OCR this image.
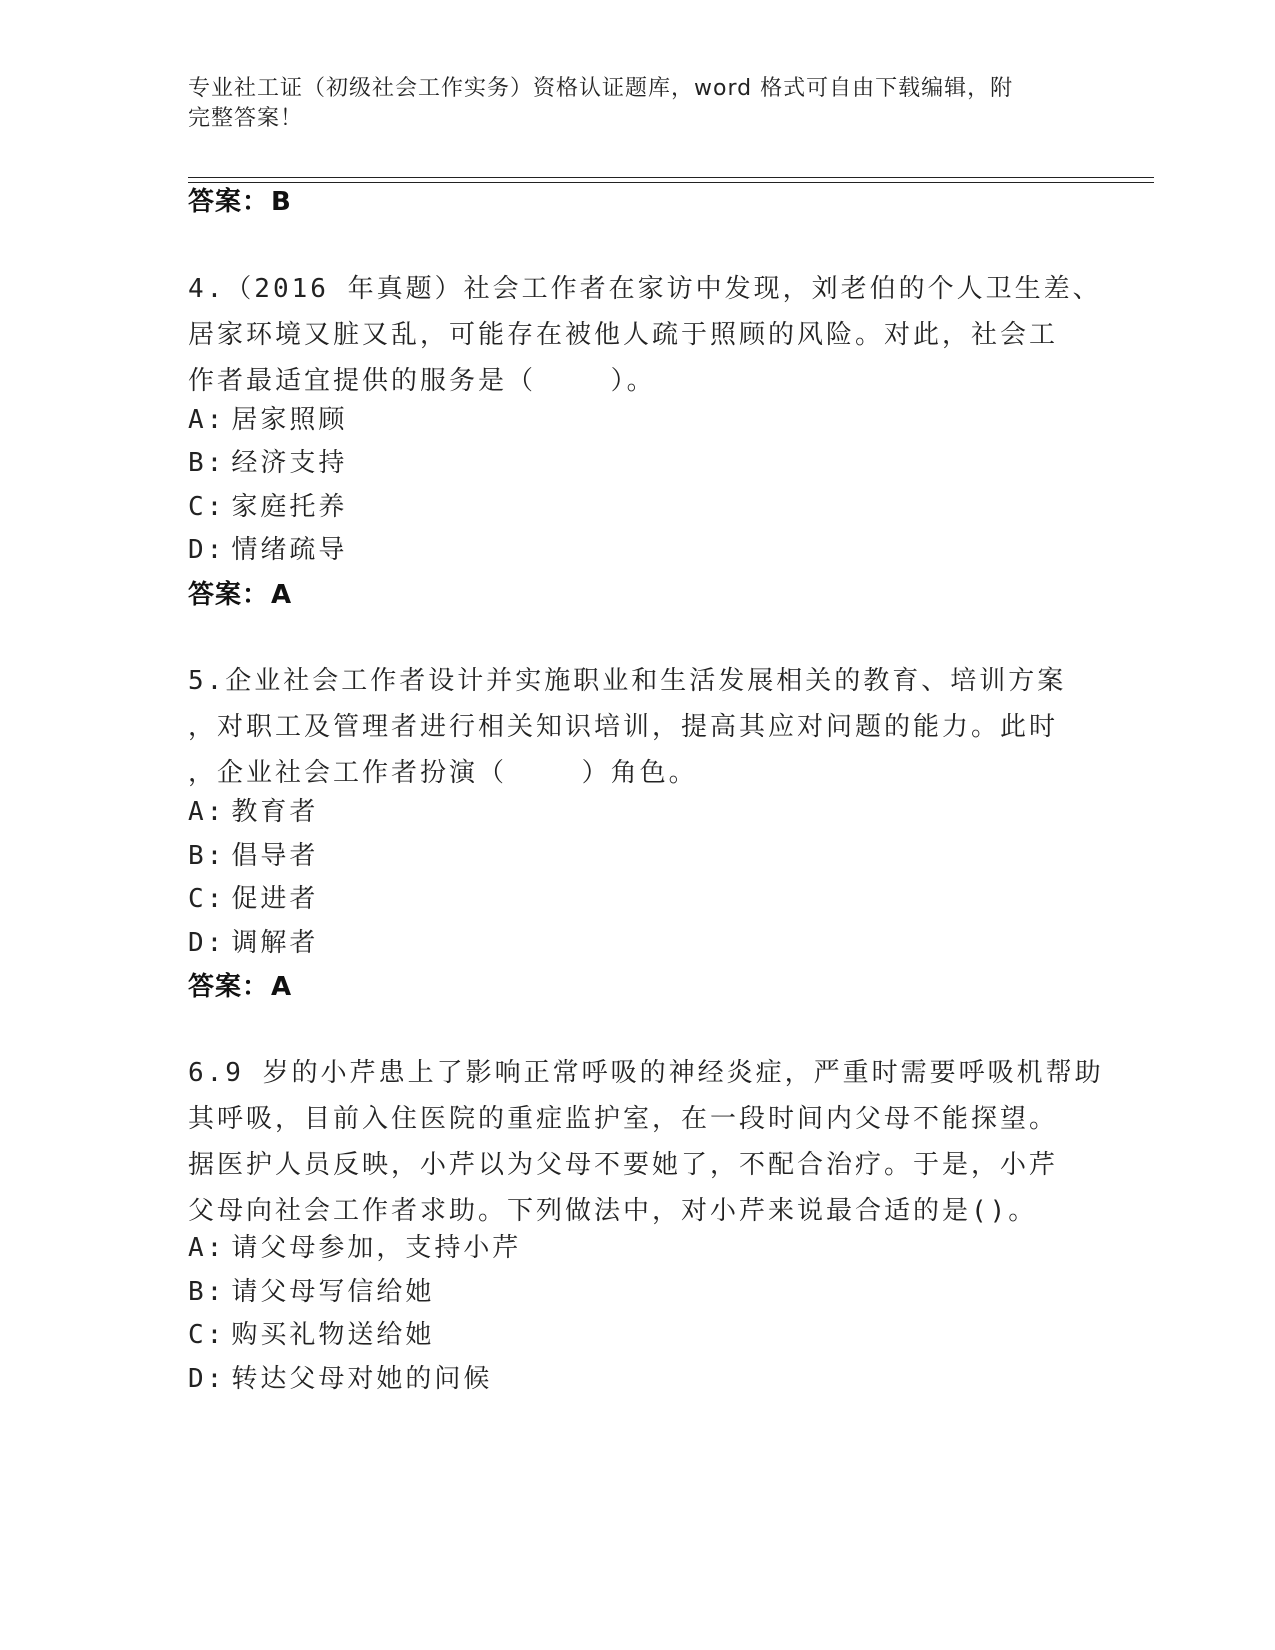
专业社工证（初级社会工作实务）资格认证题库，word 格式可自由下载编辑，附
完整答案！
答案：B
4.（2016 年真题）社会工作者在家访中发现，刘老伯的个人卫生差、
居家环境又脏又乱，可能存在被他人疏于照顾的风险。对此，社会工
作者最适宜提供的服务是（    ）。
A: 居家照顾
B: 经济支持
C: 家庭托养
D: 情绪疏导
答案：A
5.企业社会工作者设计并实施职业和生活发展相关的教育、培训方案
，对职工及管理者进行相关知识培训，提高其应对问题的能力。此时
，企业社会工作者扮演（    ）角色。
A: 教育者
B: 倡导者
C: 促进者
D: 调解者
答案：A
6.9 岁的小芹患上了影响正常呼吸的神经炎症，严重时需要呼吸机帮助
其呼吸，目前入住医院的重症监护室，在一段时间内父母不能探望。
据医护人员反映，小芹以为父母不要她了，不配合治疗。于是，小芹
父母向社会工作者求助。下列做法中，对小芹来说最合适的是()。
A: 请父母参加，支持小芹
B: 请父母写信给她
C: 购买礼物送给她
D: 转达父母对她的问候
